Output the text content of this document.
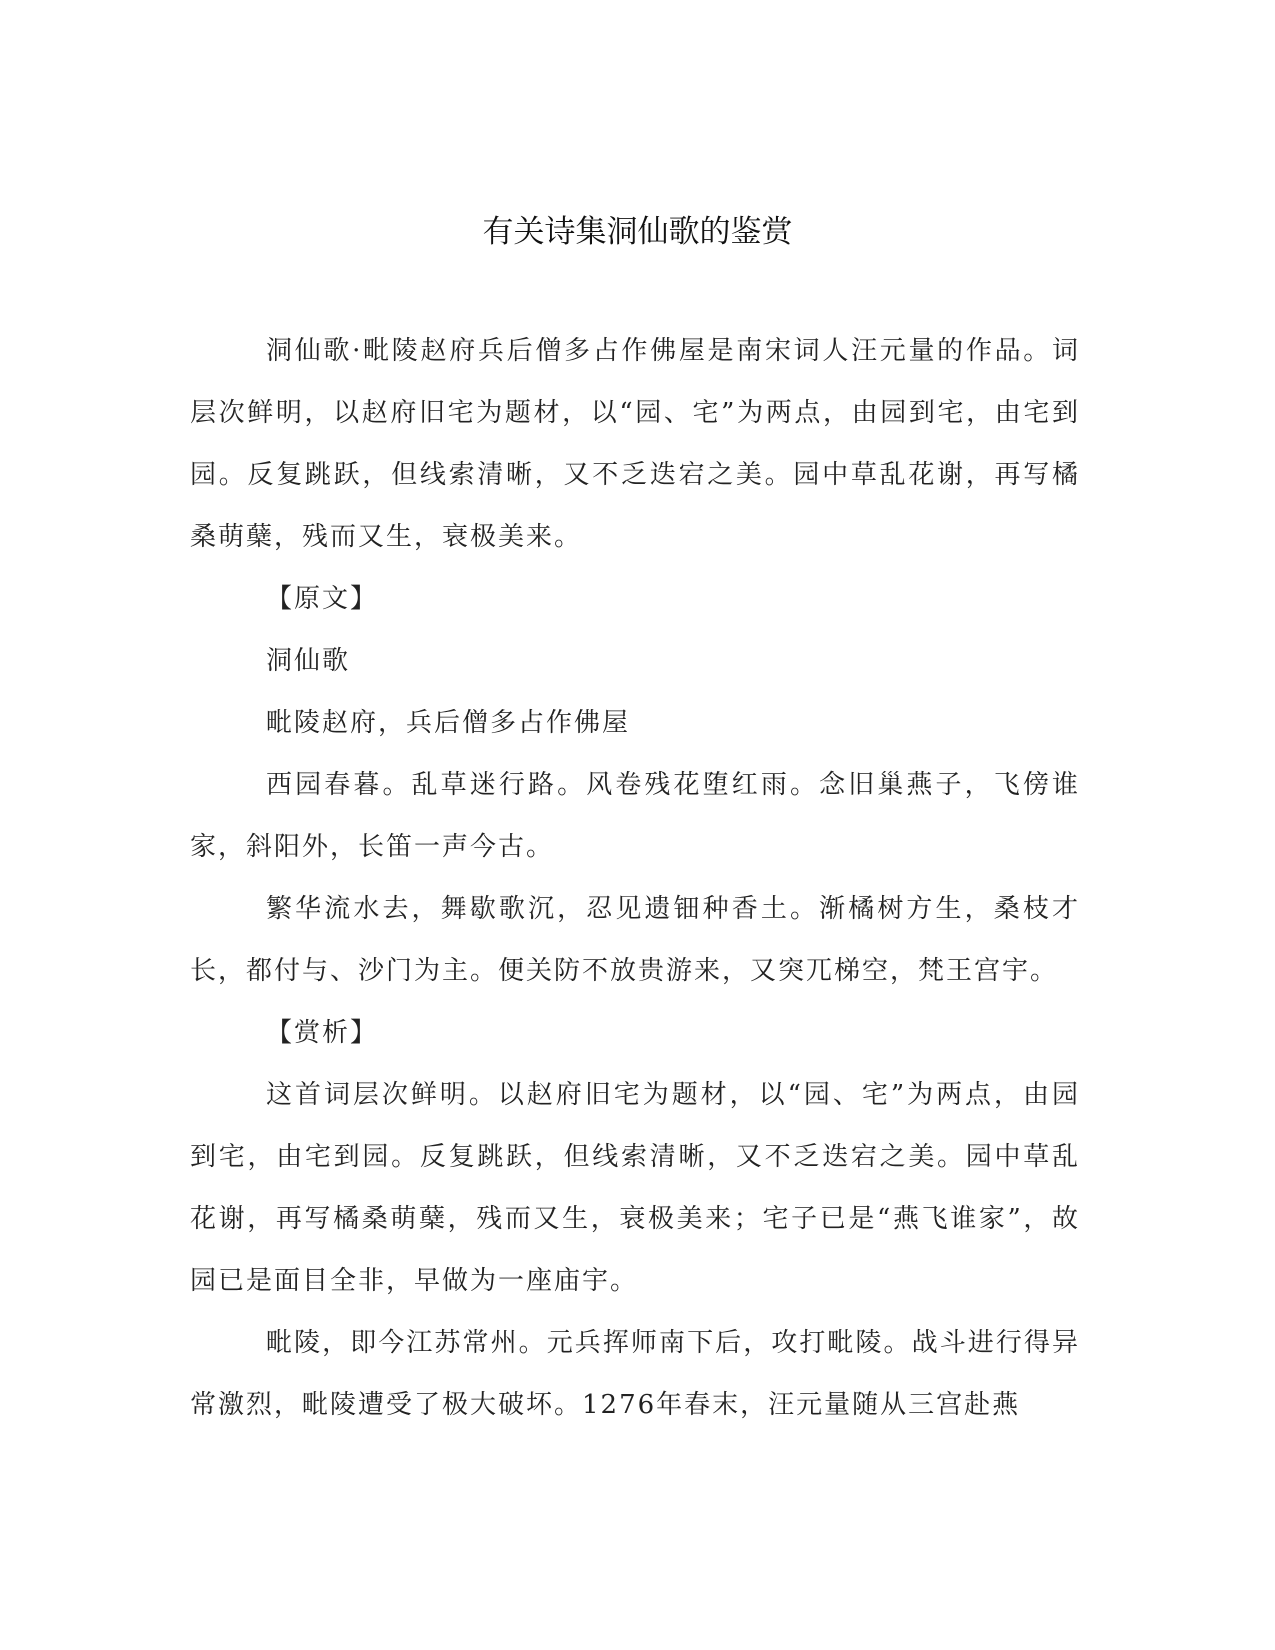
有关诗集洞仙歌的鉴赏

洞仙歌·毗陵赵府兵后僧多占作佛屋是南宋词人汪元量的作品。词层次鲜明，以赵府旧宅为题材，以“园、宅”为两点，由园到宅，由宅到园。反复跳跃，但线索清晰，又不乏迭宕之美。园中草乱花谢，再写橘桑萌蘖，残而又生，衰极美来。

【原文】

洞仙歌

毗陵赵府，兵后僧多占作佛屋

西园春暮。乱草迷行路。风卷残花堕红雨。念旧巢燕子，飞傍谁家，斜阳外，长笛一声今古。

繁华流水去，舞歇歌沉，忍见遗钿种香土。渐橘树方生，桑枝才长，都付与、沙门为主。便关防不放贵游来，又突兀梯空，梵王宫宇。

【赏析】

这首词层次鲜明。以赵府旧宅为题材，以“园、宅”为两点，由园到宅，由宅到园。反复跳跃，但线索清晰，又不乏迭宕之美。园中草乱花谢，再写橘桑萌蘖，残而又生，衰极美来；宅子已是“燕飞谁家”，故园已是面目全非，早做为一座庙宇。

毗陵，即今江苏常州。元兵挥师南下后，攻打毗陵。战斗进行得异常激烈，毗陵遭受了极大破坏。1276年春末，汪元量随从三宫赴燕
